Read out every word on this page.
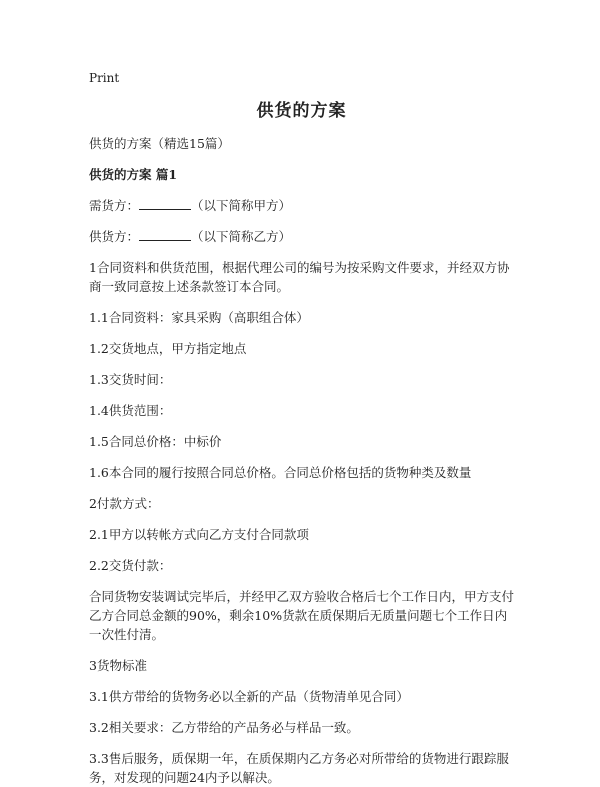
Print
供货的方案
供货的方案（精选15篇）
供货的方案 篇1
需货方：	（以下简称甲方）
供货方：	（以下简称乙方）
1合同资料和供货范围，根据代理公司的编号为按采购文件要求，并经双方协商一致同意按上述条款签订本合同。
1.1合同资料：家具采购（高职组合体）
1.2交货地点，甲方指定地点
1.3交货时间：
1.4供货范围：
1.5合同总价格：中标价
1.6本合同的履行按照合同总价格。合同总价格包括的货物种类及数量
2付款方式：
2.1甲方以转帐方式向乙方支付合同款项
2.2交货付款：
合同货物安装调试完毕后，并经甲乙双方验收合格后七个工作日内，甲方支付乙方合同总金额的90%，剩余10%货款在质保期后无质量问题七个工作日内一次性付清。
3货物标准
3.1供方带给的货物务必以全新的产品（货物清单见合同）
3.2相关要求：乙方带给的产品务必与样品一致。
3.3售后服务，质保期一年，在质保期内乙方务必对所带给的货物进行跟踪服务，对发现的问题24内予以解决。
